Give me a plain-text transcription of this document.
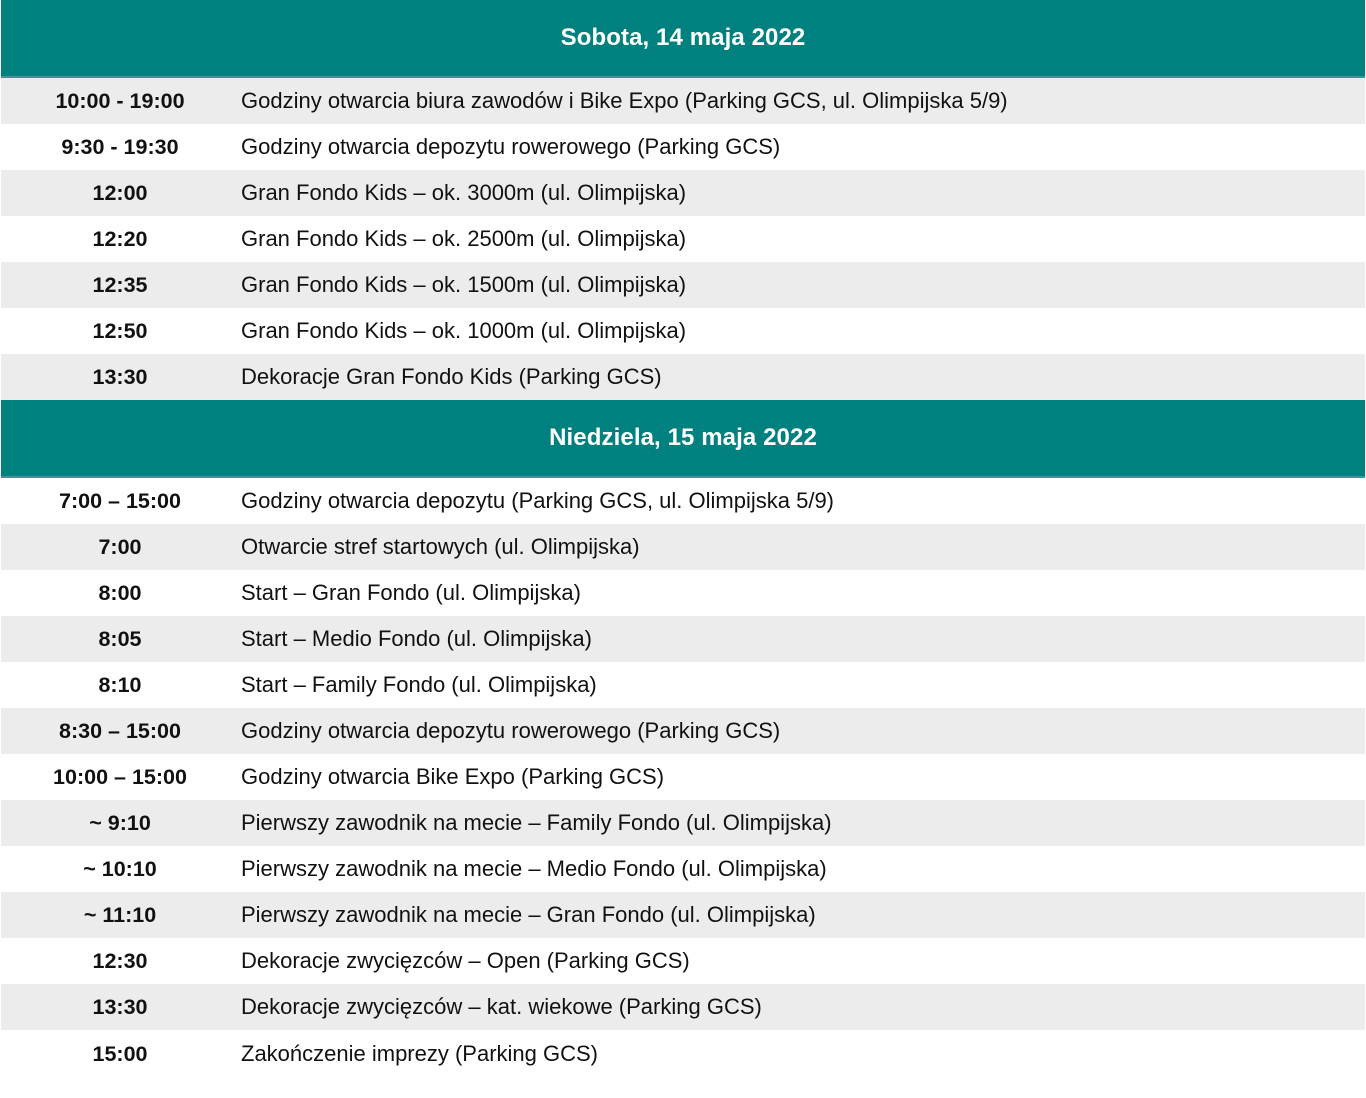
Sobota, 14 maja 2022
10:00 - 19:00	Godziny otwarcia biura zawodów i Bike Expo (Parking GCS, ul. Olimpijska 5/9)
9:30 - 19:30	Godziny otwarcia depozytu rowerowego (Parking GCS)
12:00	Gran Fondo Kids – ok. 3000m (ul. Olimpijska)
12:20	Gran Fondo Kids – ok. 2500m (ul. Olimpijska)
12:35	Gran Fondo Kids – ok. 1500m (ul. Olimpijska)
12:50	Gran Fondo Kids – ok. 1000m (ul. Olimpijska)
13:30	Dekoracje Gran Fondo Kids (Parking GCS)
Niedziela, 15 maja 2022
7:00 – 15:00	Godziny otwarcia depozytu (Parking GCS, ul. Olimpijska 5/9)
7:00	Otwarcie stref startowych (ul. Olimpijska)
8:00	Start – Gran Fondo (ul. Olimpijska)
8:05	Start – Medio Fondo (ul. Olimpijska)
8:10	Start – Family Fondo (ul. Olimpijska)
8:30 – 15:00	Godziny otwarcia depozytu rowerowego (Parking GCS)
10:00 – 15:00	Godziny otwarcia Bike Expo (Parking GCS)
~ 9:10	Pierwszy zawodnik na mecie – Family Fondo (ul. Olimpijska)
~ 10:10	Pierwszy zawodnik na mecie – Medio Fondo (ul. Olimpijska)
~ 11:10	Pierwszy zawodnik na mecie – Gran Fondo (ul. Olimpijska)
12:30	Dekoracje zwycięzców – Open (Parking GCS)
13:30	Dekoracje zwycięzców – kat. wiekowe (Parking GCS)
15:00	Zakończenie imprezy (Parking GCS)
